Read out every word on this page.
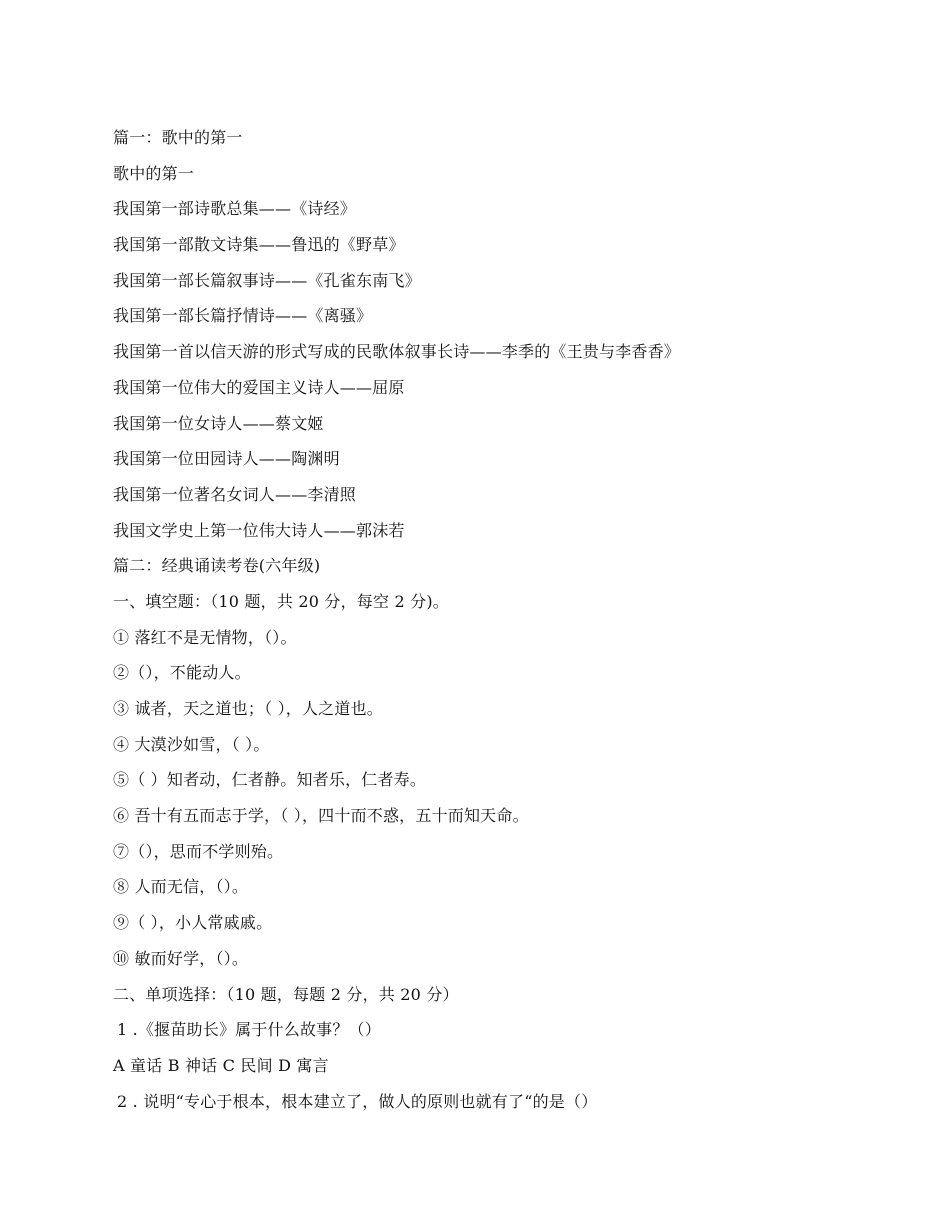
篇一：歌中的第一
歌中的第一
我国第一部诗歌总集——《诗经》
我国第一部散文诗集——鲁迅的《野草》
我国第一部长篇叙事诗——《孔雀东南飞》
我国第一部长篇抒情诗——《离骚》
我国第一首以信天游的形式写成的民歌体叙事长诗——李季的《王贵与李香香》
我国第一位伟大的爱国主义诗人——屈原
我国第一位女诗人——蔡文姬
我国第一位田园诗人——陶渊明
我国第一位著名女词人——李清照
我国文学史上第一位伟大诗人——郭沫若
篇二：经典诵读考卷(六年级)
一、填空题：（10 题，共 20 分，每空 2 分)。
① 落红不是无情物，（）。
②（），不能动人。
③ 诚者，天之道也；（ ），人之道也。
④ 大漠沙如雪，（ ）。
⑤（ ）知者动，仁者静。知者乐，仁者寿。
⑥ 吾十有五而志于学，（ ），四十而不惑，五十而知天命。
⑦（），思而不学则殆。
⑧ 人而无信，（）。
⑨（ ），小人常戚戚。
⑩ 敏而好学，（）。
二、单项选择：（10 题，每题 2 分，共 20 分）
1 .《揠苗助长》属于什么故事？（）
A 童话 B 神话 C 民间 D 寓言
2 . 说明“专心于根本，根本建立了，做人的原则也就有了“的是（）
